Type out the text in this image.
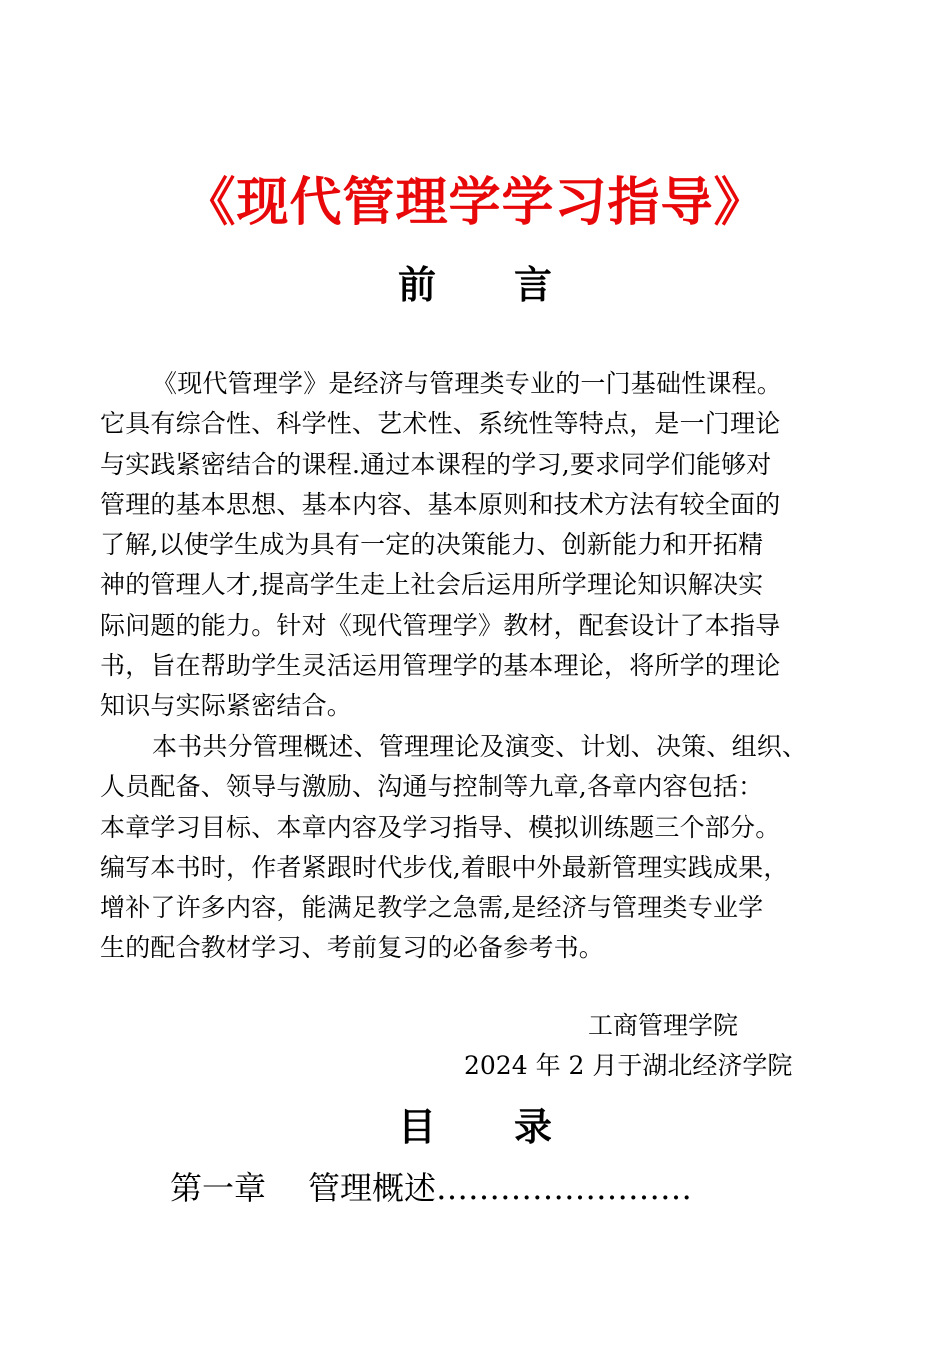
《现代管理学学习指导》
前 言
《现代管理学》是经济与管理类专业的一门基础性课程。
它具有综合性、科学性、艺术性、系统性等特点，是一门理论
与实践紧密结合的课程.通过本课程的学习,要求同学们能够对
管理的基本思想、基本内容、基本原则和技术方法有较全面的
了解,以使学生成为具有一定的决策能力、创新能力和开拓精
神的管理人才,提高学生走上社会后运用所学理论知识解决实
际问题的能力。针对《现代管理学》教材，配套设计了本指导
书，旨在帮助学生灵活运用管理学的基本理论，将所学的理论
知识与实际紧密结合。
本书共分管理概述、管理理论及演变、计划、决策、组织、
人员配备、领导与激励、沟通与控制等九章,各章内容包括：
本章学习目标、本章内容及学习指导、模拟训练题三个部分。
编写本书时，作者紧跟时代步伐,着眼中外最新管理实践成果，
增补了许多内容，能满足教学之急需,是经济与管理类专业学
生的配合教材学习、考前复习的必备参考书。
工商管理学院
2024 年 2 月于湖北经济学院
目 录
第一章 管理概述……………………
